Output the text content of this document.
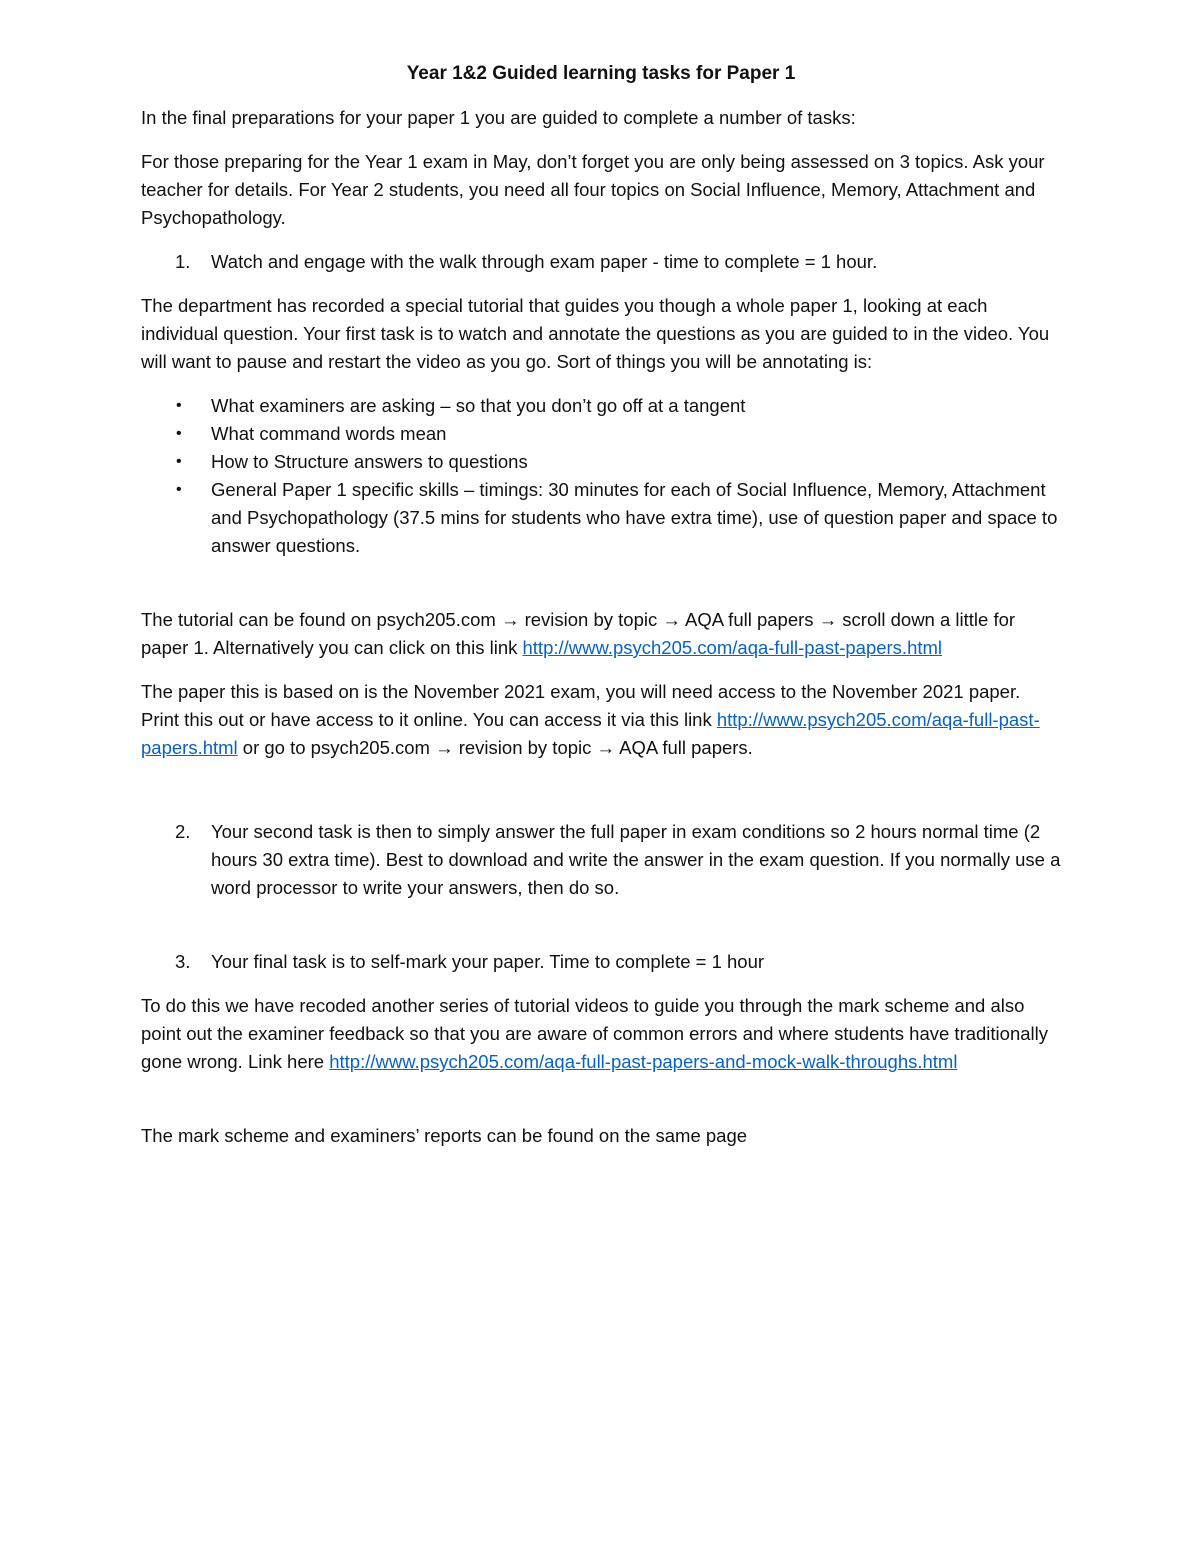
Year 1&2 Guided learning tasks for Paper 1

In the final preparations for your paper 1 you are guided to complete a number of tasks:

For those preparing for the Year 1 exam in May, don’t forget you are only being assessed on 3 topics. Ask your teacher for details. For Year 2 students, you need all four topics on Social Influence, Memory, Attachment and Psychopathology.

1. Watch and engage with the walk through exam paper - time to complete = 1 hour.

The department has recorded a special tutorial that guides you though a whole paper 1, looking at each individual question. Your first task is to watch and annotate the questions as you are guided to in the video. You will want to pause and restart the video as you go. Sort of things you will be annotating is:

• What examiners are asking – so that you don’t go off at a tangent
• What command words mean
• How to Structure answers to questions
• General Paper 1 specific skills – timings: 30 minutes for each of Social Influence, Memory, Attachment and Psychopathology (37.5 mins for students who have extra time), use of question paper and space to answer questions.

The tutorial can be found on psych205.com → revision by topic → AQA full papers → scroll down a little for paper 1. Alternatively you can click on this link http://www.psych205.com/aqa-full-past-papers.html

The paper this is based on is the November 2021 exam, you will need access to the November 2021 paper. Print this out or have access to it online. You can access it via this link http://www.psych205.com/aqa-full-past-papers.html or go to psych205.com → revision by topic → AQA full papers.

2. Your second task is then to simply answer the full paper in exam conditions so 2 hours normal time (2 hours 30 extra time). Best to download and write the answer in the exam question. If you normally use a word processor to write your answers, then do so.
3. Your final task is to self-mark your paper. Time to complete = 1 hour

To do this we have recoded another series of tutorial videos to guide you through the mark scheme and also point out the examiner feedback so that you are aware of common errors and where students have traditionally gone wrong. Link here http://www.psych205.com/aqa-full-past-papers-and-mock-walk-throughs.html

The mark scheme and examiners’ reports can be found on the same page
